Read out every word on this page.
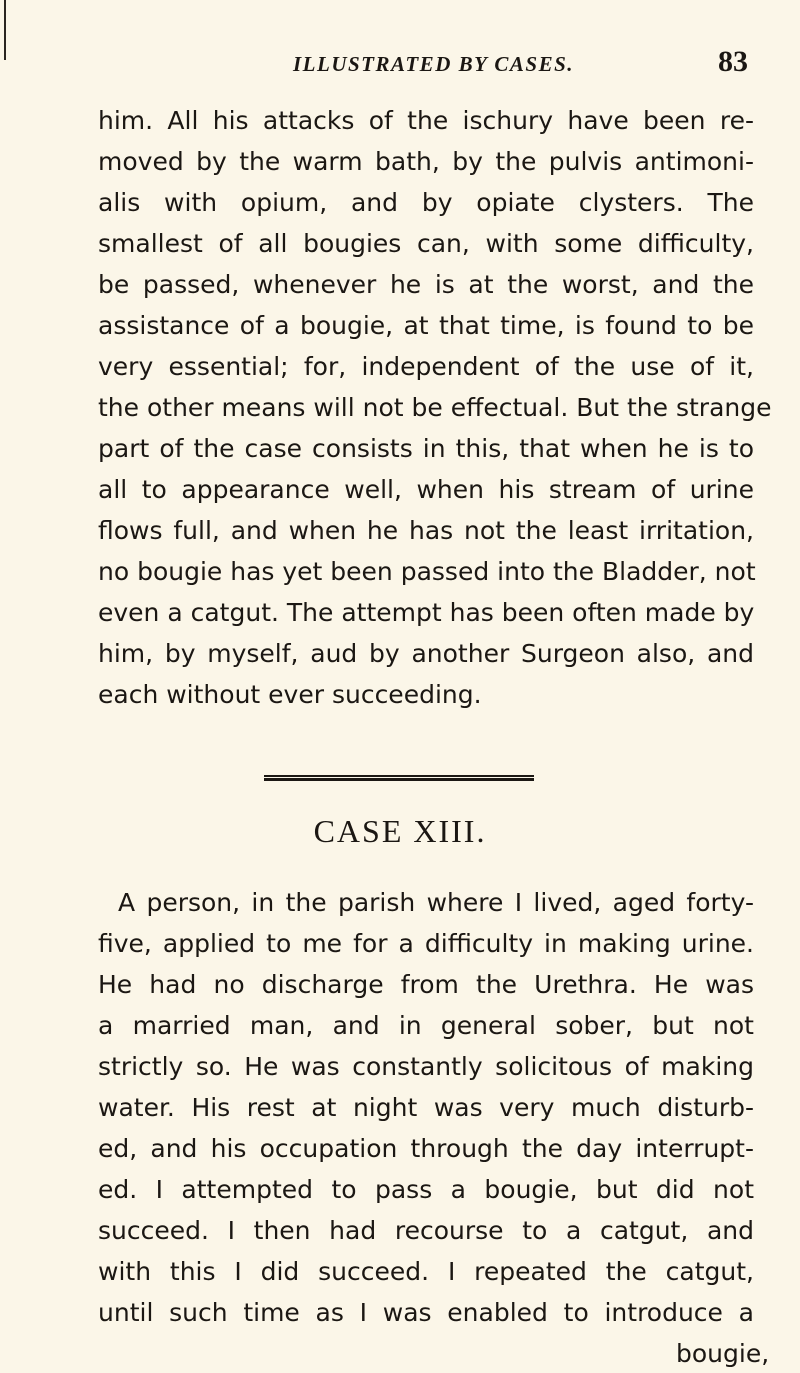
ILLUSTRATED BY CASES.	83
him. All his attacks of the ischury have been re-
moved by the warm bath, by the pulvis antimoni-
alis with opium, and by opiate clysters. The
smallest of all bougies can, with some difficulty,
be passed, whenever he is at the worst, and the
assistance of a bougie, at that time, is found to be
very essential; for, independent of the use of it,
the other means will not be effectual. But the strange
part of the case consists in this, that when he is to
all to appearance well, when his stream of urine
flows full, and when he has not the least irritation,
no bougie has yet been passed into the Bladder, not
even a catgut. The attempt has been often made by
him, by myself, aud by another Surgeon also, and
each without ever succeeding.
CASE XIII.
A person, in the parish where I lived, aged forty-
five, applied to me for a difficulty in making urine.
He had no discharge from the Urethra. He was
a married man, and in general sober, but not
strictly so. He was constantly solicitous of making
water. His rest at night was very much disturb-
ed, and his occupation through the day interrupt-
ed. I attempted to pass a bougie, but did not
succeed. I then had recourse to a catgut, and
with this I did succeed. I repeated the catgut,
until such time as I was enabled to introduce a
bougie,
